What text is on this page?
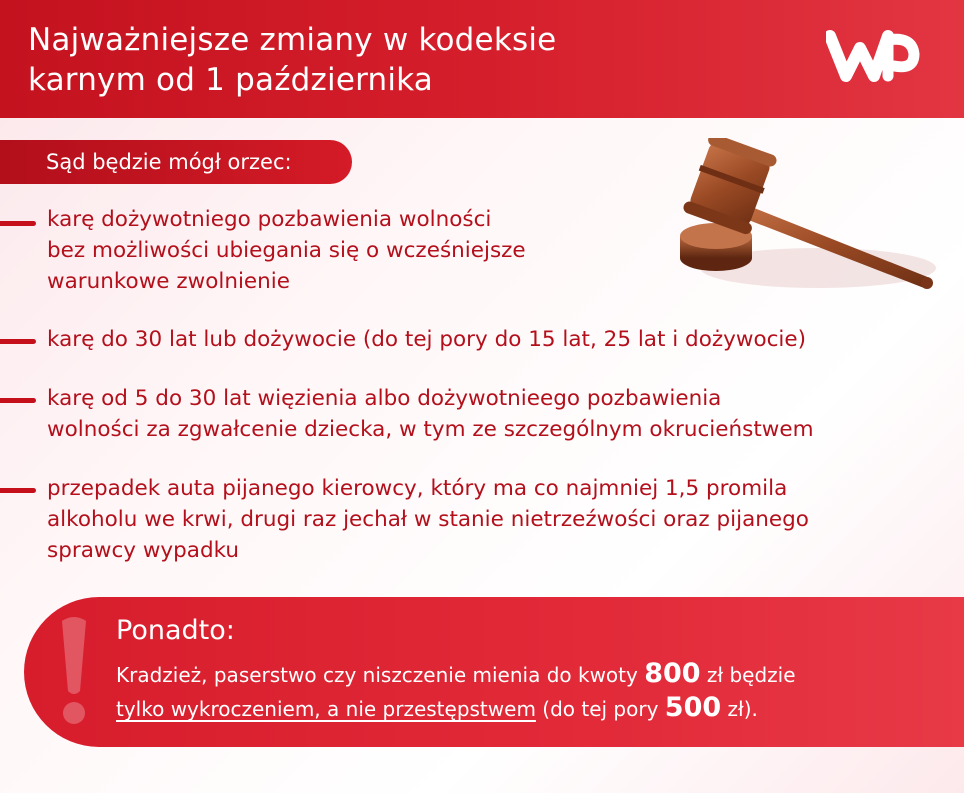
Najważniejsze zmiany w kodeksie
karnym od 1 października
Sąd będzie mógł orzec:
karę dożywotniego pozbawienia wolności
bez możliwości ubiegania się o wcześniejsze
warunkowe zwolnienie
karę do 30 lat lub dożywocie (do tej pory do 15 lat, 25 lat i dożywocie)
karę od 5 do 30 lat więzienia albo dożywotnieego pozbawienia
wolności za zgwałcenie dziecka, w tym ze szczególnym okrucieństwem
przepadek auta pijanego kierowcy, który ma co najmniej 1,5 promila
alkoholu we krwi, drugi raz jechał w stanie nietrzeźwości oraz pijanego
sprawcy wypadku
Ponadto:
Kradzież, paserstwo czy niszczenie mienia do kwoty 800 zł będzie
tylko wykroczeniem, a nie przestępstwem (do tej pory 500 zł).
